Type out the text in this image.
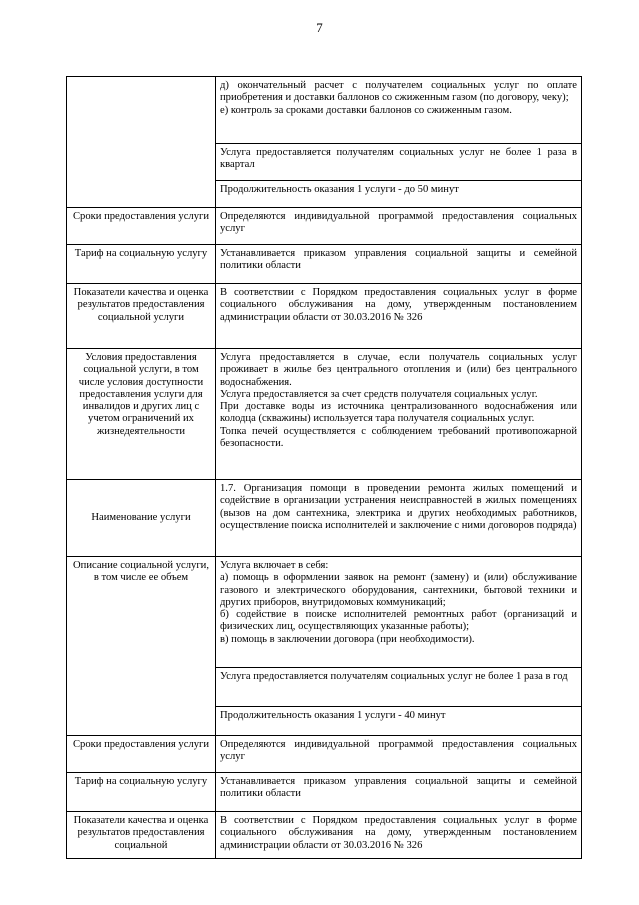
7

	д) окончательный расчет с получателем социальных услуг по оплате приобретения и доставки баллонов со сжиженным газом (по договору, чеку);
е) контроль за сроками доставки баллонов со сжиженным газом.

	Услуга предоставляется получателям социальных услуг не более 1 раза в квартал
	Продолжительность оказания 1 услуги - до 50 минут
Сроки предоставления услуги	Определяются индивидуальной программой предоставления социальных услуг
Тариф на социальную услугу	Устанавливается приказом управления социальной защиты и семейной политики области
Показатели качества и оценка результатов предоставления социальной услуги	В соответствии с Порядком предоставления социальных услуг в форме социального обслуживания на дому, утвержденным постановлением администрации области от 30.03.2016 № 326
Условия предоставления социальной услуги, в том числе условия доступности предоставления услуги для инвалидов и других лиц с учетом ограничений их жизнедеятельности	Услуга предоставляется в случае, если получатель социальных услуг проживает в жилье без центрального отопления и (или) без центрального водоснабжения.
Услуга предоставляется за счет средств получателя социальных услуг.
При доставке воды из источника централизованного водоснабжения или колодца (скважины) используется тара получателя социальных услуг.
Топка печей осуществляется с соблюдением требований противопожарной безопасности.

Наименование услуги	1.7. Организация помощи в проведении ремонта жилых помещений и содействие в организации устранения неисправностей в жилых помещениях (вызов на дом сантехника, электрика и других необходимых работников, осуществление поиска исполнителей и заключение с ними договоров подряда)
Описание социальной услуги, в том числе ее объем	Услуга включает в себя:
а) помощь в оформлении заявок на ремонт (замену) и (или) обслуживание газового и электрического оборудования, сантехники, бытовой техники и других приборов, внутридомовых коммуникаций;
б) содействие в поиске исполнителей ремонтных работ (организаций и физических лиц, осуществляющих указанные работы);
в) помощь в заключении договора (при необходимости).

	Услуга предоставляется получателям социальных услуг не более 1 раза в год
	Продолжительность оказания 1 услуги - 40 минут
Сроки предоставления услуги	Определяются индивидуальной программой предоставления социальных услуг
Тариф на социальную услугу	Устанавливается приказом управления социальной защиты и семейной политики области
Показатели качества и оценка результатов предоставления социальной	В соответствии с Порядком предоставления социальных услуг в форме социального обслуживания на дому, утвержденным постановлением администрации области от 30.03.2016 № 326
